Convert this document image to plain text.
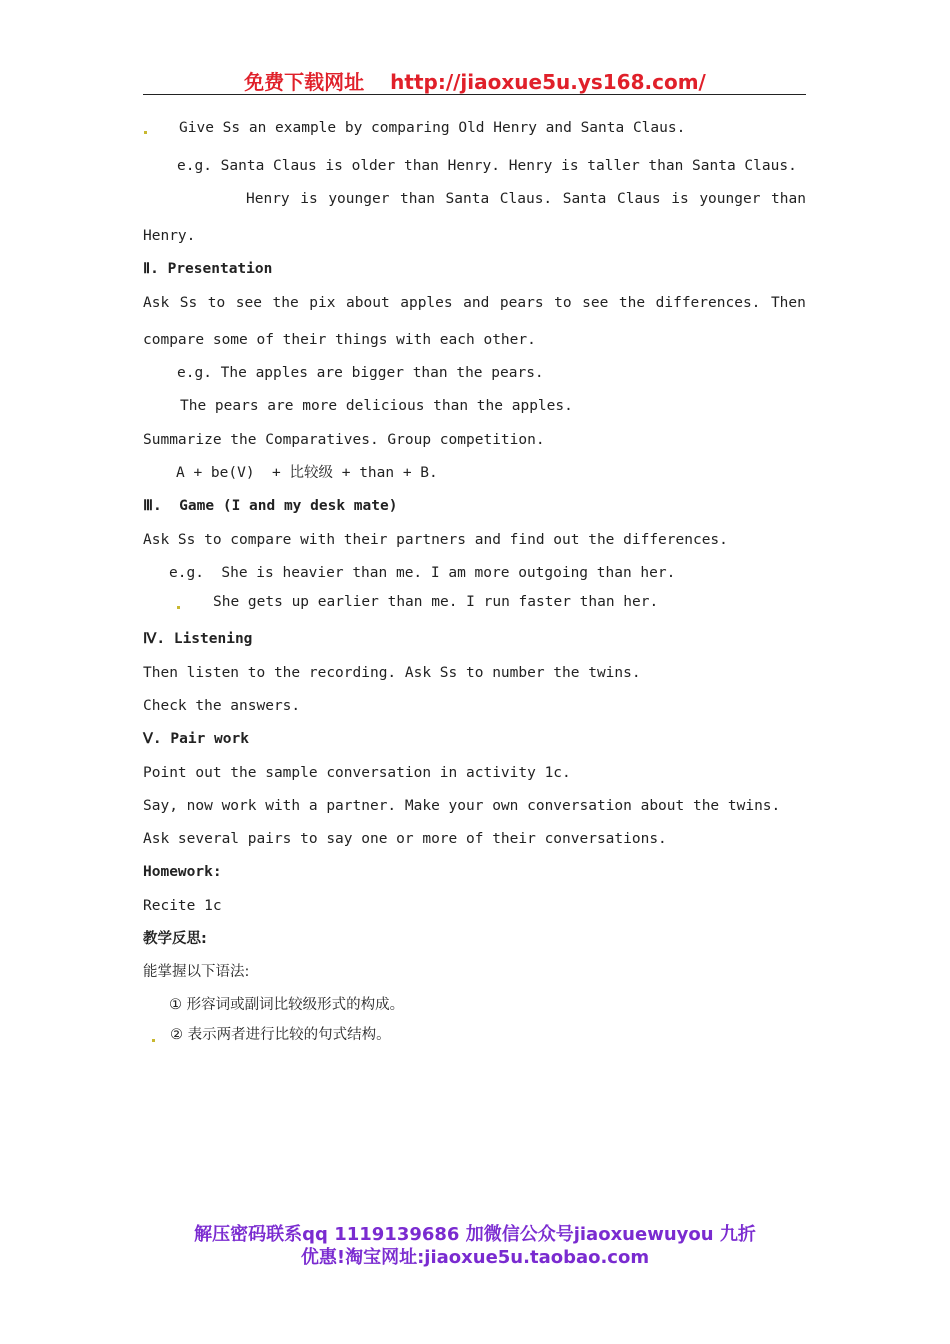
免费下载网址 http://jiaoxue5u.ys168.com/
Give Ss an example by comparing Old Henry and Santa Claus.
e.g. Santa Claus is older than Henry. Henry is taller than Santa Claus.
Henry is younger than Santa Claus. Santa Claus is younger than
Henry.
Ⅱ. Presentation
Ask Ss to see the pix about apples and pears to see the differences. Then
compare some of their things with each other.
e.g. The apples are bigger than the pears.
The pears are more delicious than the apples.
Summarize the Comparatives. Group competition.
A + be(V)  + 比较级 + than + B.
Ⅲ.  Game (I and my desk mate)
Ask Ss to compare with their partners and find out the differences.
e.g.  She is heavier than me. I am more outgoing than her.
She gets up earlier than me. I run faster than her.
Ⅳ. Listening
Then listen to the recording. Ask Ss to number the twins.
Check the answers.
Ⅴ. Pair work
Point out the sample conversation in activity 1c.
Say, now work with a partner. Make your own conversation about the twins.
Ask several pairs to say one or more of their conversations.
Homework:
Recite 1c
教学反思:
能掌握以下语法:
① 形容词或副词比较级形式的构成。
② 表示两者进行比较的句式结构。
解压密码联系qq 1119139686 加微信公众号jiaoxuewuyou 九折
优惠!淘宝网址:jiaoxue5u.taobao.com
